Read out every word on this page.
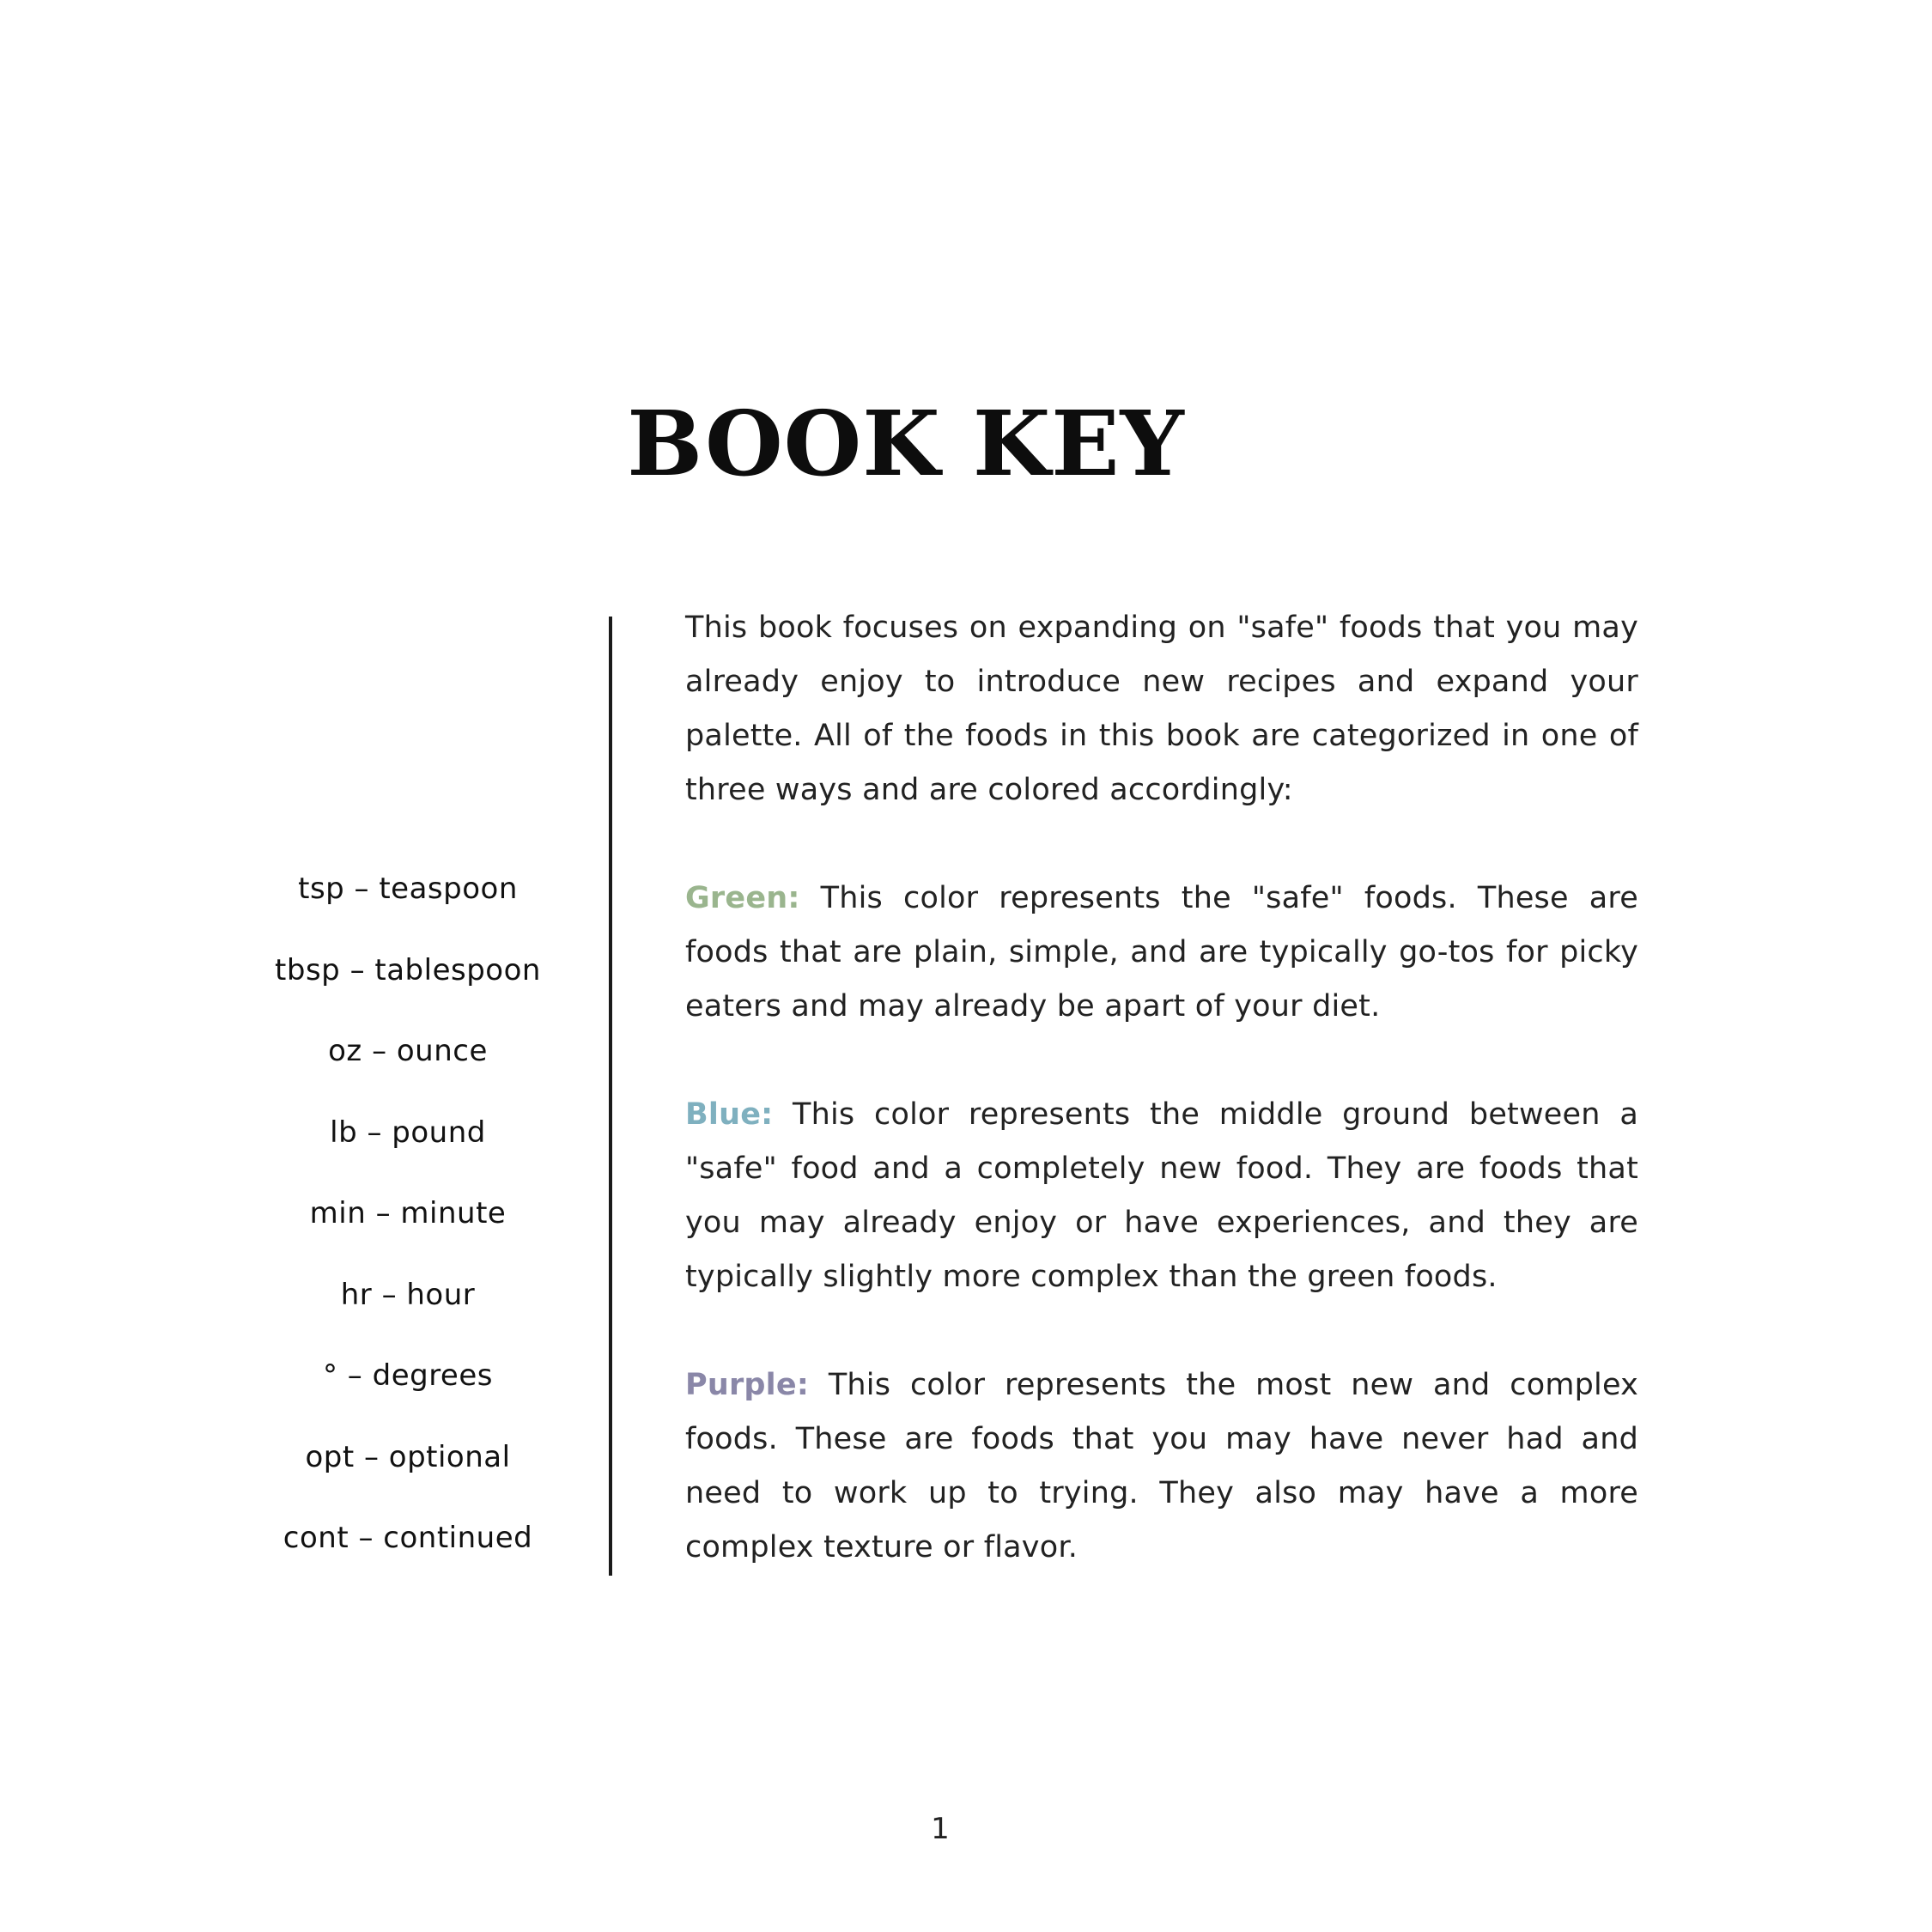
BOOK KEY
tsp – teaspoon
tbsp – tablespoon
oz – ounce
lb – pound
min – minute
hr – hour
° – degrees
opt – optional
cont – continued

This book focuses on expanding on "safe" foods that you may already enjoy to introduce new recipes and expand your palette. All of the foods in this book are categorized in one of three ways and are colored accordingly:

Green: This color represents the "safe" foods. These are foods that are plain, simple, and are typically go-tos for picky eaters and may already be apart of your diet.

Blue: This color represents the middle ground between a "safe" food and a completely new food. They are foods that you may already enjoy or have experiences, and they are typically slightly more complex than the green foods.

Purple: This color represents the most new and complex foods. These are foods that you may have never had and need to work up to trying. They also may have a more complex texture or flavor.

1
